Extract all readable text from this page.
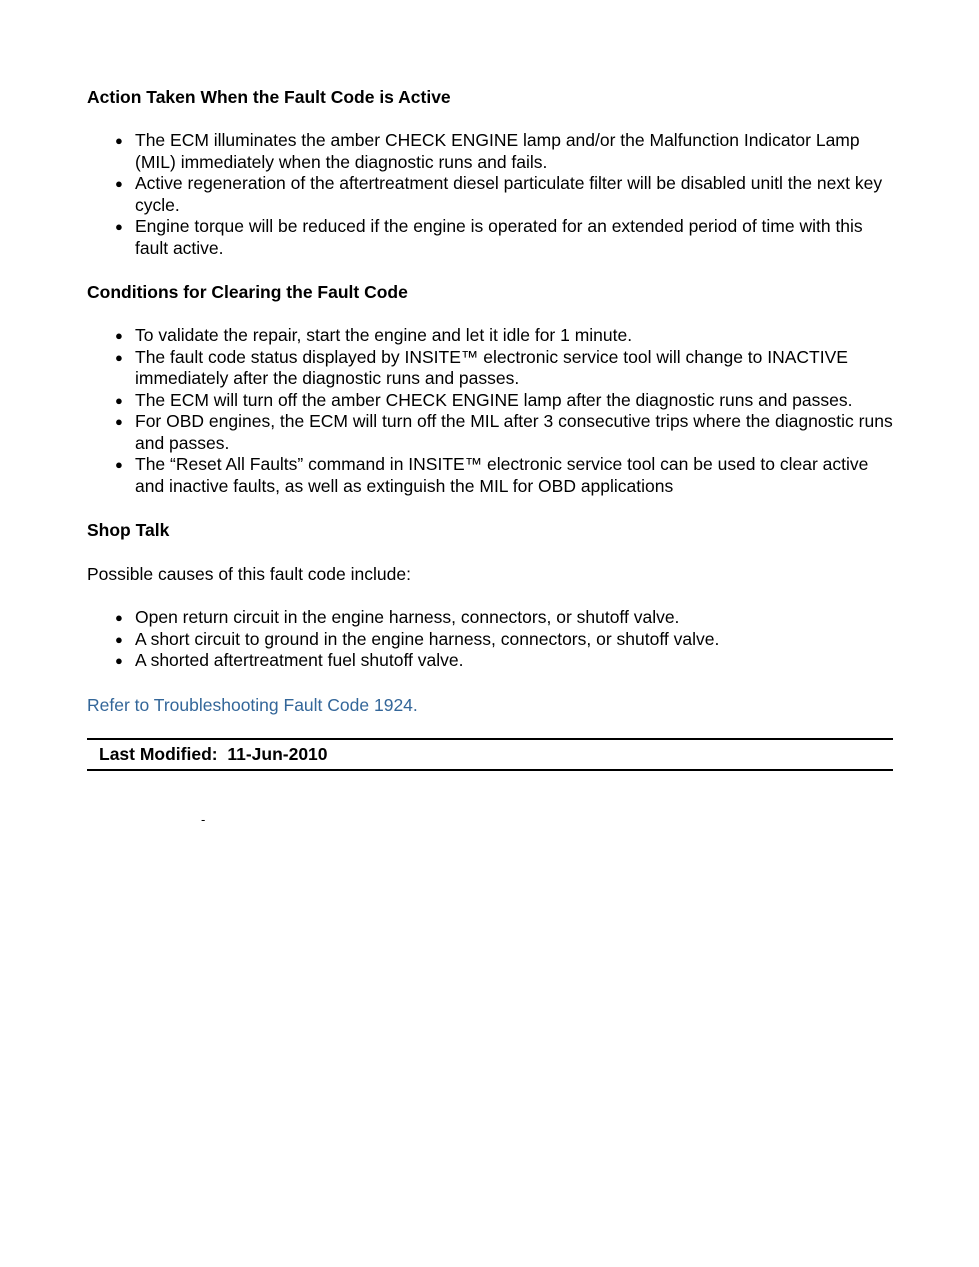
Action Taken When the Fault Code is Active
● The ECM illuminates the amber CHECK ENGINE lamp and/or the Malfunction Indicator Lamp (MIL) immediately when the diagnostic runs and fails.
● Active regeneration of the aftertreatment diesel particulate filter will be disabled unitl the next key cycle.
● Engine torque will be reduced if the engine is operated for an extended period of time with this fault active.
Conditions for Clearing the Fault Code
● To validate the repair, start the engine and let it idle for 1 minute.
● The fault code status displayed by INSITE™ electronic service tool will change to INACTIVE immediately after the diagnostic runs and passes.
● The ECM will turn off the amber CHECK ENGINE lamp after the diagnostic runs and passes.
● For OBD engines, the ECM will turn off the MIL after 3 consecutive trips where the diagnostic runs and passes.
● The “Reset All Faults” command in INSITE™ electronic service tool can be used to clear active and inactive faults, as well as extinguish the MIL for OBD applications
Shop Talk

Possible causes of this fault code include:

● Open return circuit in the engine harness, connectors, or shutoff valve.
● A short circuit to ground in the engine harness, connectors, or shutoff valve.
● A shorted aftertreatment fuel shutoff valve.
Refer to Troubleshooting Fault Code 1924.
Last Modified: 11-Jun-2010
-
